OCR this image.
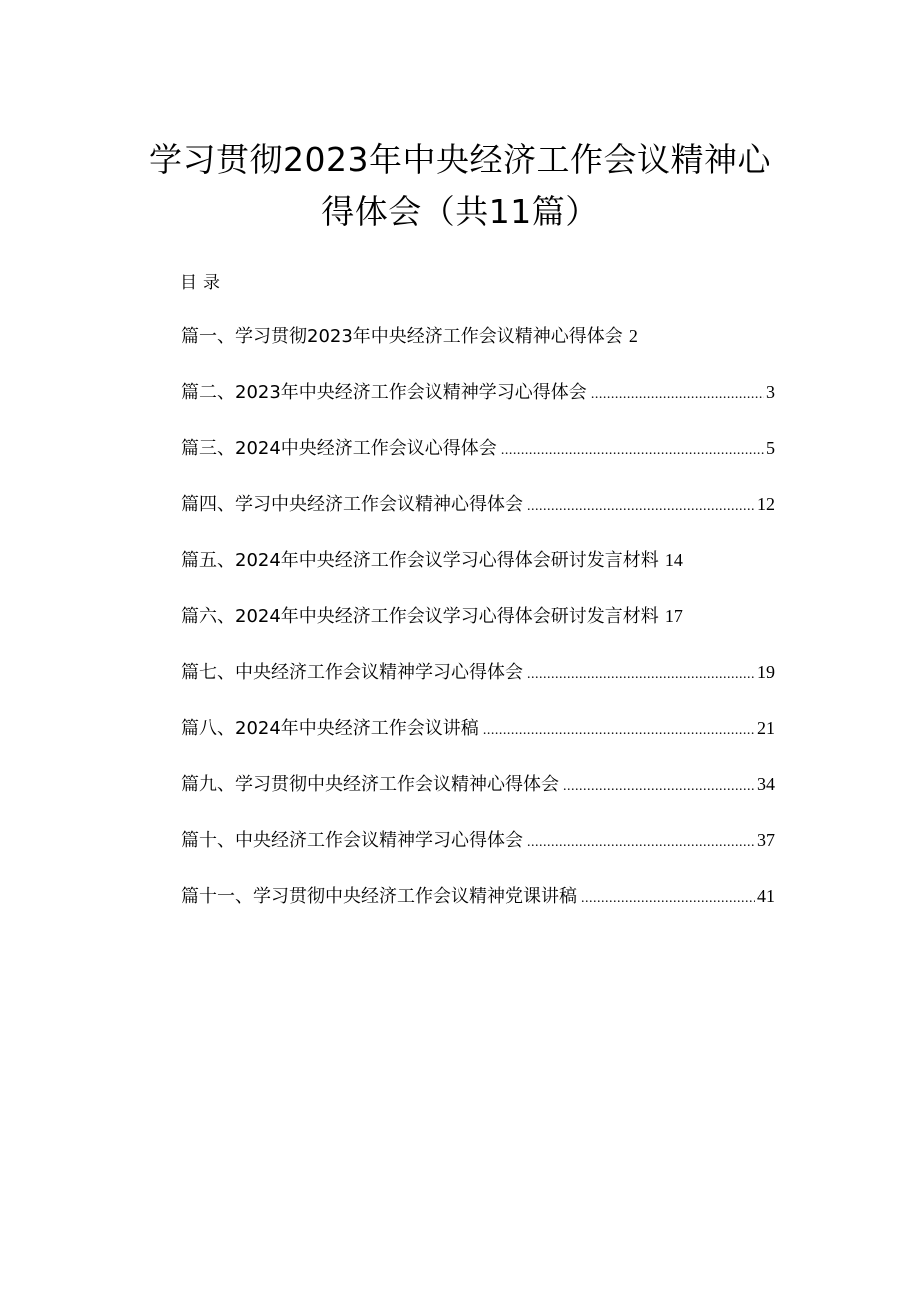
学习贯彻2023年中央经济工作会议精神心
得体会（共11篇）
目录
篇一、学习贯彻2023年中央经济工作会议精神心得体会 2
篇二、2023年中央经济工作会议精神学习心得体会 .....	3
篇三、2024中央经济工作会议心得体会 .....	5
篇四、学习中央经济工作会议精神心得体会 .....	12
篇五、2024年中央经济工作会议学习心得体会研讨发言材料 14
篇六、2024年中央经济工作会议学习心得体会研讨发言材料 17
篇七、中央经济工作会议精神学习心得体会 .....	19
篇八、2024年中央经济工作会议讲稿 .....	21
篇九、学习贯彻中央经济工作会议精神心得体会 .....	34
篇十、中央经济工作会议精神学习心得体会 .....	37
篇十一、学习贯彻中央经济工作会议精神党课讲稿 .....	41
